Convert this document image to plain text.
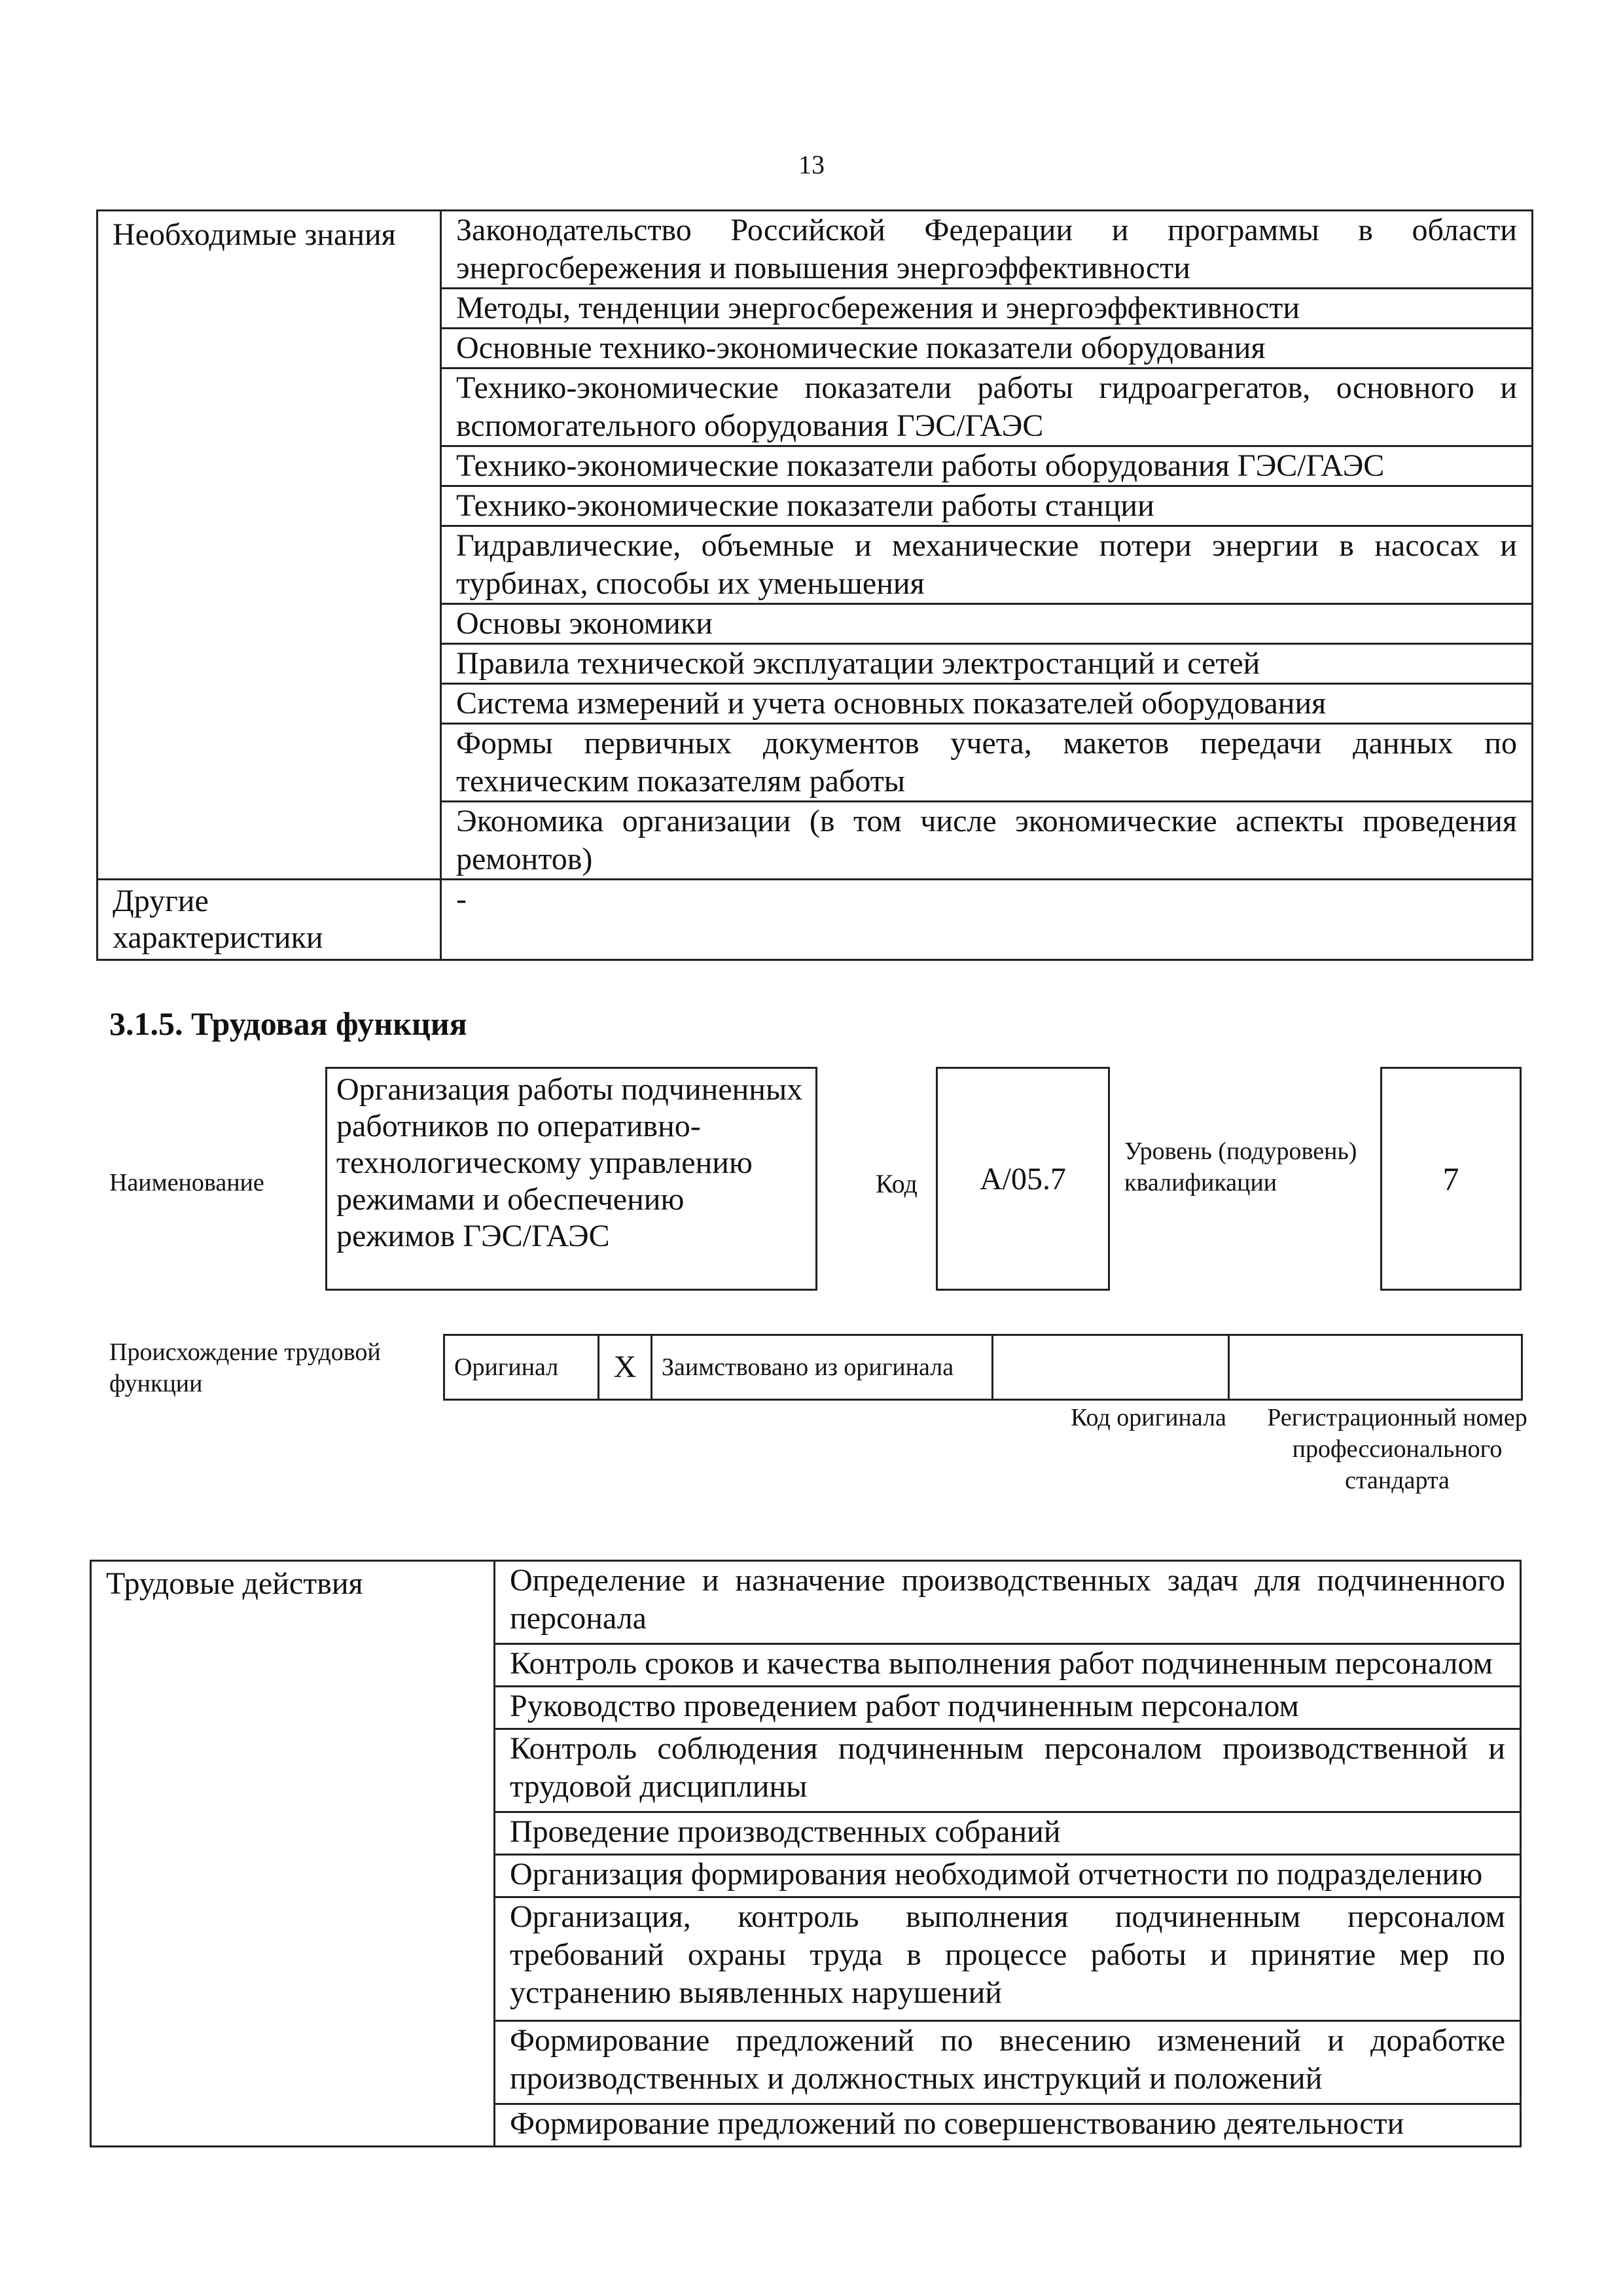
13
Необходимые знания	Законодательство Российской Федерации и программы в области энергосбережения и повышения энергоэффективности
	Методы, тенденции энергосбережения и энергоэффективности
	Основные технико-экономические показатели оборудования
	Технико-экономические показатели работы гидроагрегатов, основного и вспомогательного оборудования ГЭС/ГАЭС
	Технико-экономические показатели работы оборудования ГЭС/ГАЭС
	Технико-экономические показатели работы станции
	Гидравлические, объемные и механические потери энергии в насосах и турбинах, способы их уменьшения
	Основы экономики
	Правила технической эксплуатации электростанций и сетей
	Система измерений и учета основных показателей оборудования
	Формы первичных документов учета, макетов передачи данных по техническим показателям работы
	Экономика организации (в том числе экономические аспекты проведения ремонтов)
Другие характеристики	-
3.1.5. Трудовая функция
Наименование
Организация работы подчиненных работников по оперативно-технологическому управлению режимами и обеспечению режимов ГЭС/ГАЭС
Код	A/05.7
Уровень (подуровень) квалификации	7
Происхождение трудовой функции
Оригинал	X	Заимствовано из оригинала		
Код оригинала	Регистрационный номер профессионального стандарта
Трудовые действия	Определение и назначение производственных задач для подчиненного персонала
Контроль сроков и качества выполнения работ подчиненным персоналом
Руководство проведением работ подчиненным персоналом
Контроль соблюдения подчиненным персоналом производственной и трудовой дисциплины
Проведение производственных собраний
Организация формирования необходимой отчетности по подразделению
Организация, контроль выполнения подчиненным персоналом требований охраны труда в процессе работы и принятие мер по устранению выявленных нарушений
Формирование предложений по внесению изменений и доработке производственных и должностных инструкций и положений
Формирование предложений по совершенствованию деятельности
